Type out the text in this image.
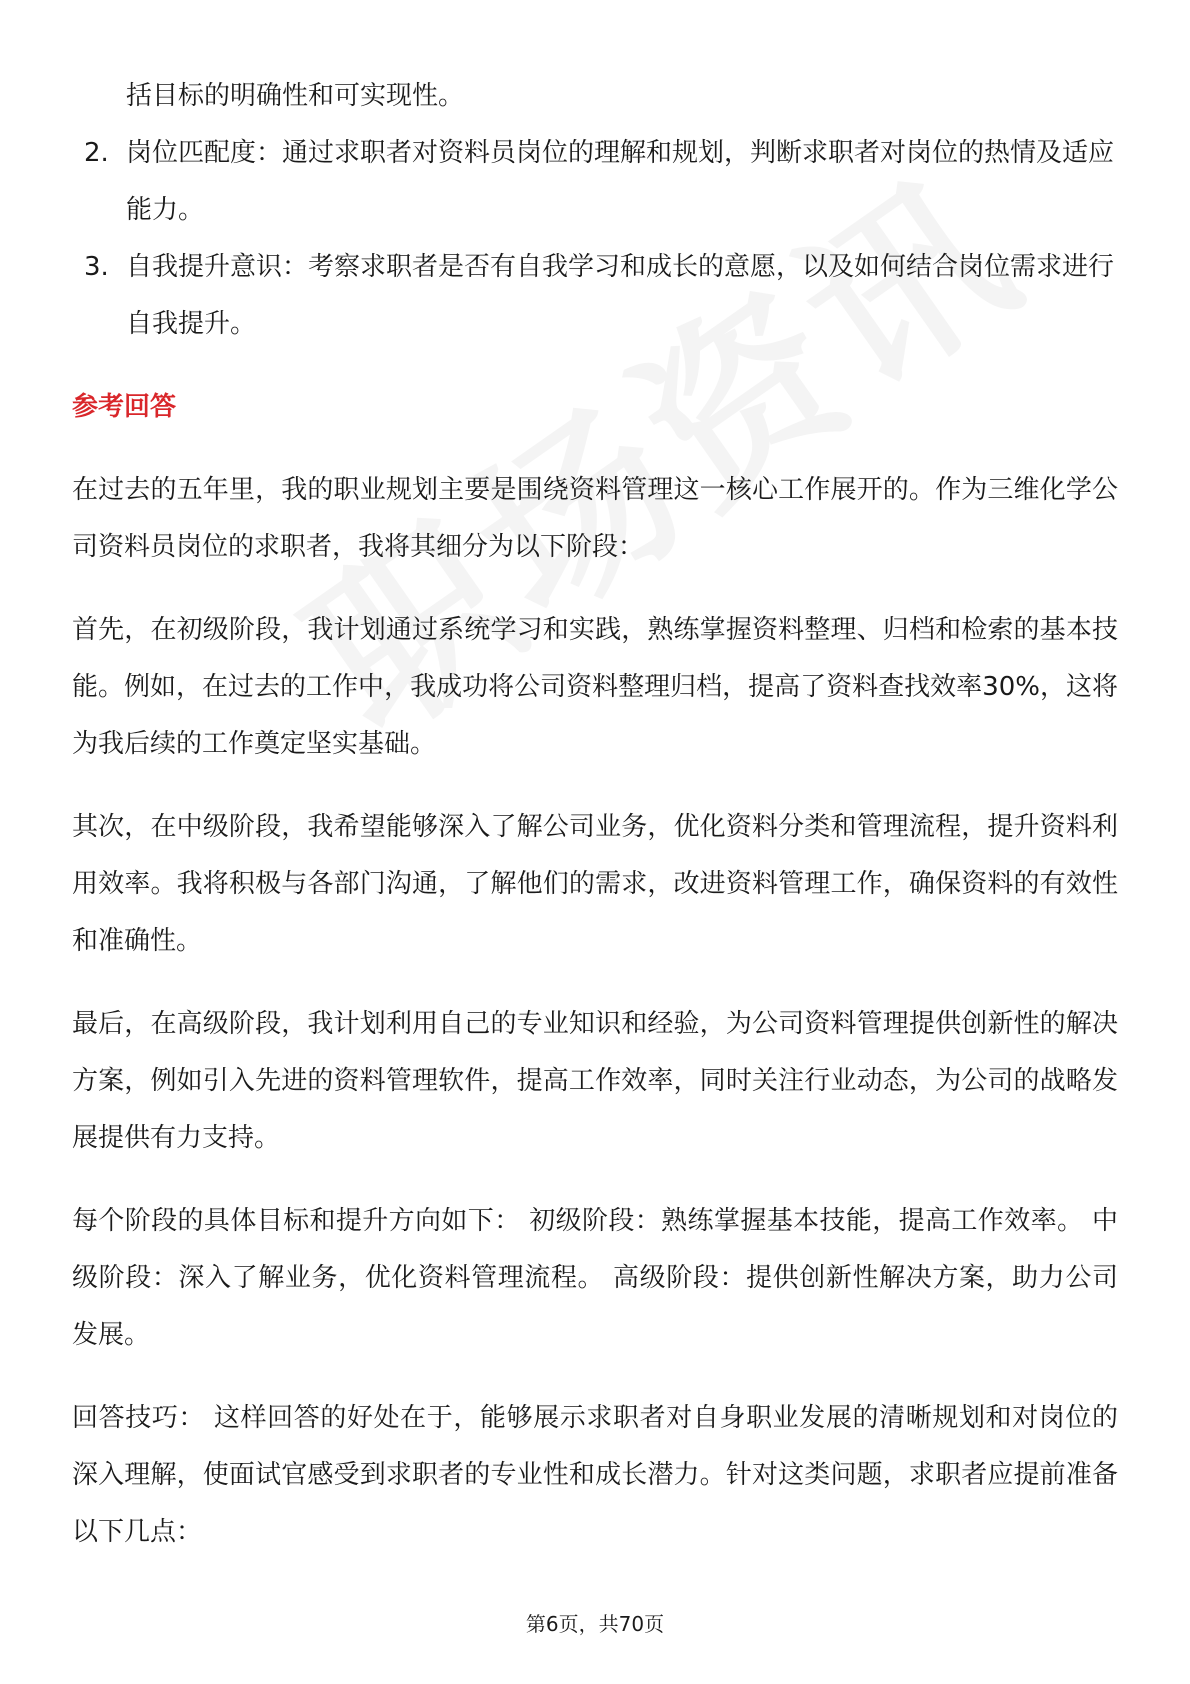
括目标的明确性和可实现性。

2. 岗位匹配度：通过求职者对资料员岗位的理解和规划，判断求职者对岗位的热情及适应能力。
3. 自我提升意识：考察求职者是否有自我学习和成长的意愿，以及如何结合岗位需求进行自我提升。

参考回答

在过去的五年里，我的职业规划主要是围绕资料管理这一核心工作展开的。作为三维化学公司资料员岗位的求职者，我将其细分为以下阶段：

首先，在初级阶段，我计划通过系统学习和实践，熟练掌握资料整理、归档和检索的基本技能。例如，在过去的工作中，我成功将公司资料整理归档，提高了资料查找效率30%，这将为我后续的工作奠定坚实基础。

其次，在中级阶段，我希望能够深入了解公司业务，优化资料分类和管理流程，提升资料利用效率。我将积极与各部门沟通，了解他们的需求，改进资料管理工作，确保资料的有效性和准确性。

最后，在高级阶段，我计划利用自己的专业知识和经验，为公司资料管理提供创新性的解决方案，例如引入先进的资料管理软件，提高工作效率，同时关注行业动态，为公司的战略发展提供有力支持。

每个阶段的具体目标和提升方向如下： 初级阶段：熟练掌握基本技能，提高工作效率。 中级阶段：深入了解业务，优化资料管理流程。 高级阶段：提供创新性解决方案，助力公司发展。

回答技巧： 这样回答的好处在于，能够展示求职者对自身职业发展的清晰规划和对岗位的深入理解，使面试官感受到求职者的专业性和成长潜力。针对这类问题，求职者应提前准备以下几点：

第6页，共70页
